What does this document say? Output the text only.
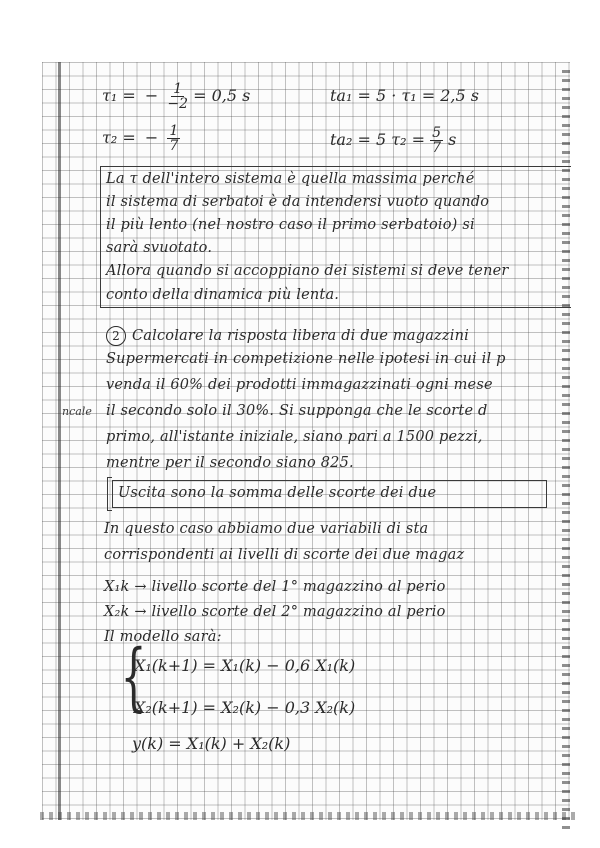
τ₁ = − $\frac{1}{-2} = 0,5$ s	ta₁ = 5 · τ₁ = 2,5 s
τ₂ = − $\frac{1}{7}$	ta₂ = 5 $\tau_2 = \frac{5}{7}$ s
La τ dell'intero sistema è quella massima perché
il sistema di serbatoi è da intendersi vuoto quando
il più lento (nel nostro caso il primo serbatoio) si
sarà svuotato.
Allora quando si accoppiano dei sistemi si deve tener
conto della dinamica più lenta.
2 Calcolare la risposta libera di due magazzini
Supermercati in competizione nelle ipotesi in cui il p
venda il 60% dei prodotti immagazzinati ogni mese
il secondo solo il 30%. Si supponga che le scorte d
primo, all'istante iniziale, siano pari a 1500 pezzi,
mentre per il secondo siano 825.
ncale
Uscita sono la somma delle scorte dei due
In questo caso abbiamo due variabili di sta
corrispondenti ai livelli di scorte dei due magaz
X₁k → livello scorte del 1° magazzino al perio
X₂k → livello scorte del 2° magazzino al perio
Il modello sarà:
{
X₁(k+1) = X₁(k) − 0,6 X₁(k)
X₂(k+1) = X₂(k) − 0,3 X₂(k)
y(k) = X₁(k) + X₂(k)
